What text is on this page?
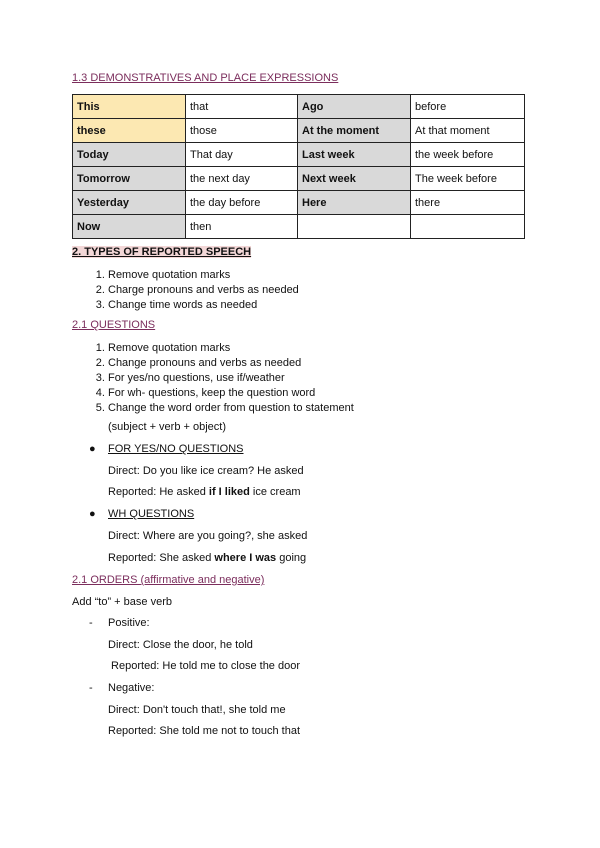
1.3 DEMONSTRATIVES AND PLACE EXPRESSIONS
This	that	Ago	before
these	those	At the moment	At that moment
Today	That day	Last week	the week before
Tomorrow	the next day	Next week	The week before
Yesterday	the day before	Here	there
Now	then		
2. TYPES OF REPORTED SPEECH
1. Remove quotation marks
2. Charge pronouns and verbs as needed
3. Change time words as needed
2.1 QUESTIONS
1. Remove quotation marks
2. Change pronouns and verbs as needed
3. For yes/no questions, use if/weather
4. For wh- questions, keep the question word
5. Change the word order from question to statement
(subject + verb + object)
● FOR YES/NO QUESTIONS
Direct: Do you like ice cream? He asked
Reported: He asked if I liked ice cream
● WH QUESTIONS
Direct: Where are you going?, she asked
Reported: She asked where I was going
2.1 ORDERS (affirmative and negative)
Add “to” + base verb
- Positive:
Direct: Close the door, he told
Reported: He told me to close the door
- Negative:
Direct: Don't touch that!, she told me
Reported: She told me not to touch that
